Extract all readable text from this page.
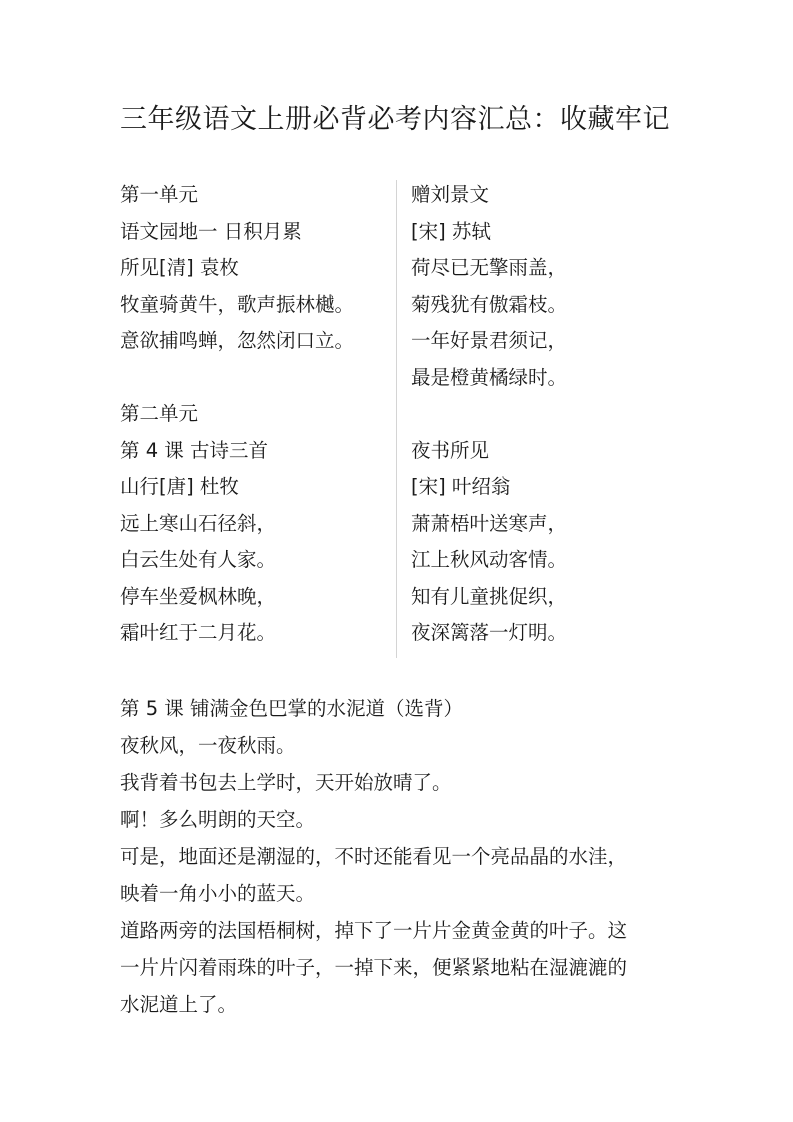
三年级语文上册必背必考内容汇总：收藏牢记
第一单元
语文园地一 日积月累
所见[清] 袁枚
牧童骑黄牛，歌声振林樾。
意欲捕鸣蝉，忽然闭口立。
第二单元
第 4 课 古诗三首
山行[唐] 杜牧
远上寒山石径斜，
白云生处有人家。
停车坐爱枫林晚，
霜叶红于二月花。
赠刘景文
[宋] 苏轼
荷尽已无擎雨盖，
菊残犹有傲霜枝。
一年好景君须记，
最是橙黄橘绿时。
夜书所见
[宋] 叶绍翁
萧萧梧叶送寒声，
江上秋风动客情。
知有儿童挑促织，
夜深篱落一灯明。
第 5 课 铺满金色巴掌的水泥道（选背）
夜秋风，一夜秋雨。
我背着书包去上学时，天开始放晴了。
啊！多么明朗的天空。
可是，地面还是潮湿的，不时还能看见一个亮品晶的水洼，
映着一角小小的蓝天。
道路两旁的法国梧桐树，掉下了一片片金黄金黄的叶子。这
一片片闪着雨珠的叶子，一掉下来，便紧紧地粘在湿漉漉的
水泥道上了。
